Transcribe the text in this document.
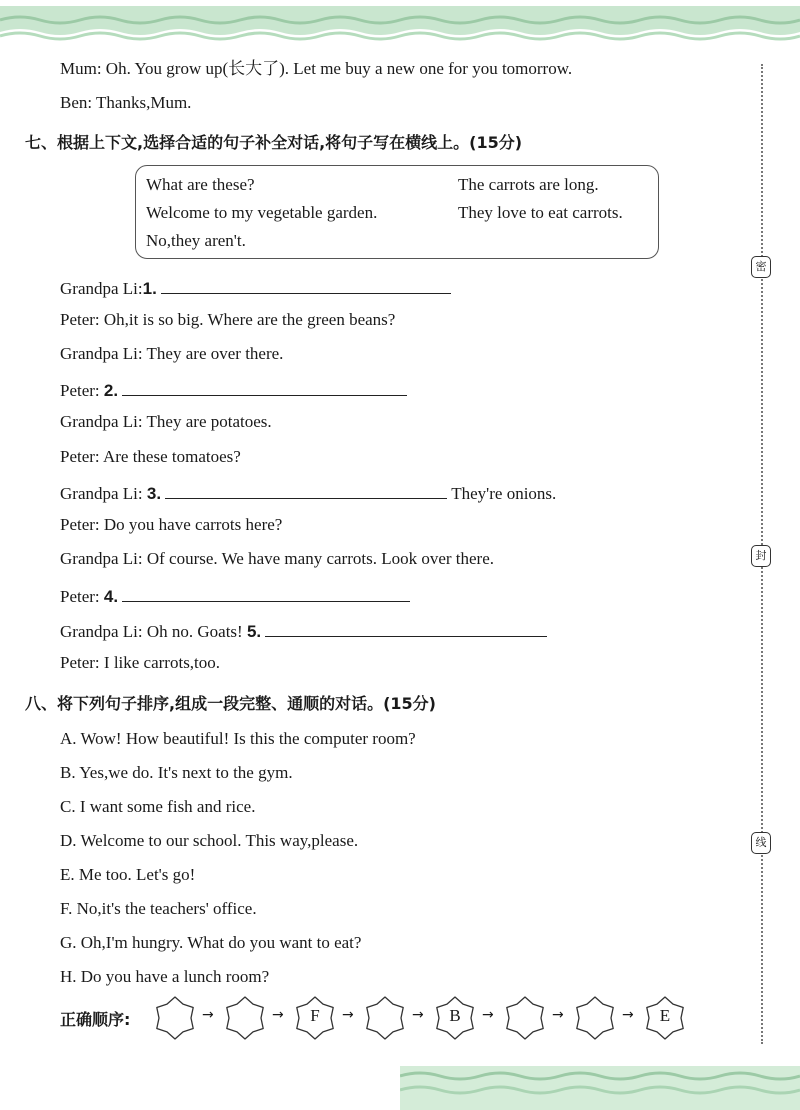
密
封
线
Mum: Oh. You grow up(长大了). Let me buy a new one for you tomorrow.
Ben: Thanks,Mum.
七、根据上下文,选择合适的句子补全对话,将句子写在横线上。(15分)
What are these?	The carrots are long.
Welcome to my vegetable garden.	They love to eat carrots.
No,they aren't.
Grandpa Li:1.
Peter: Oh,it is so big. Where are the green beans?
Grandpa Li: They are over there.
Peter: 2.
Grandpa Li: They are potatoes.
Peter: Are these tomatoes?
Grandpa Li: 3.	They're onions.
Peter: Do you have carrots here?
Grandpa Li: Of course. We have many carrots. Look over there.
Peter: 4.
Grandpa Li: Oh no. Goats! 5.
Peter: I like carrots,too.
八、将下列句子排序,组成一段完整、通顺的对话。(15分)
A. Wow! How beautiful! Is this the computer room?
B. Yes,we do. It's next to the gym.
C. I want some fish and rice.
D. Welcome to our school. This way,please.
E. Me too. Let's go!
F. No,it's the teachers' office.
G. Oh,I'm hungry. What do you want to eat?
H. Do you have a lunch room?
正确顺序:	→	→	F	→	→	B	→	→	→	E
